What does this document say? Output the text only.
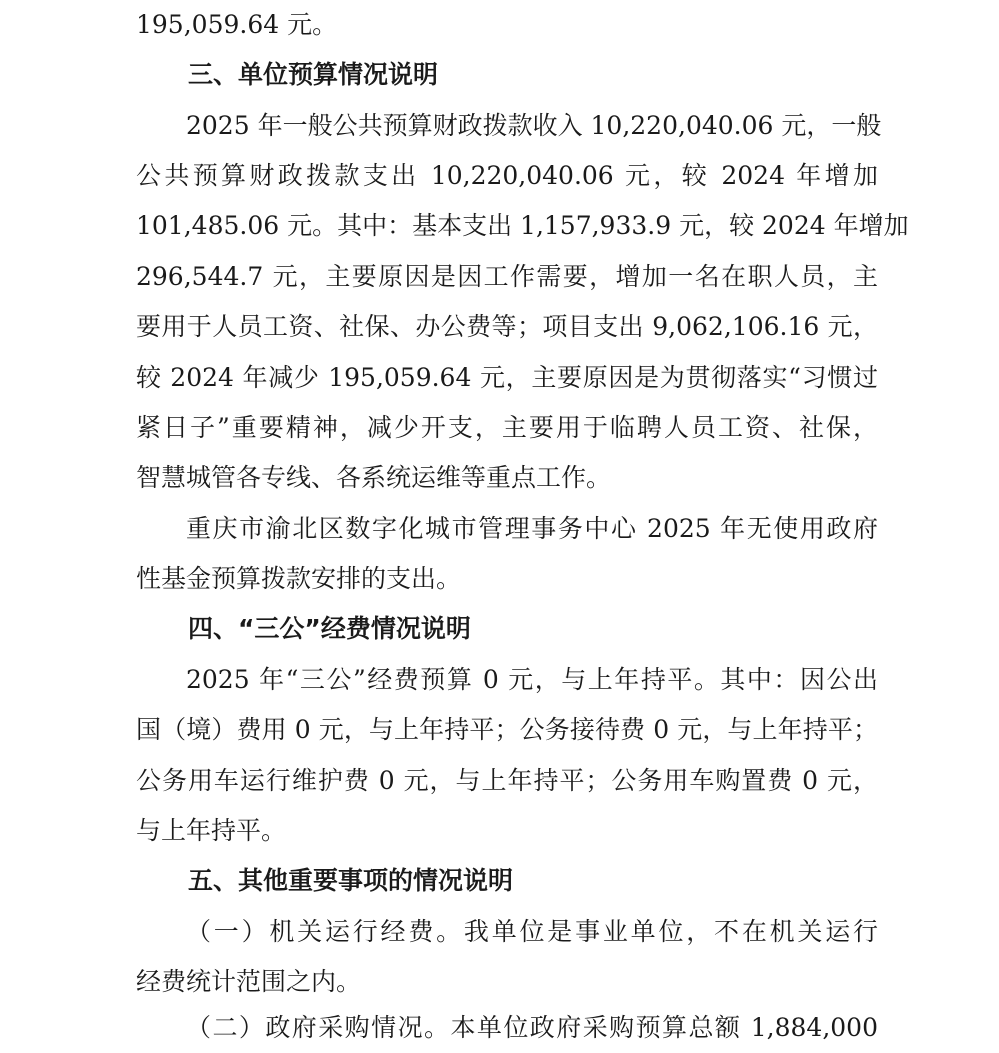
195,059.64 元。
三、单位预算情况说明
2025 年一般公共预算财政拨款收入 10,220,040.06 元，一般
公共预算财政拨款支出 10,220,040.06 元，较 2024 年增加
101,485.06 元。其中：基本支出 1,157,933.9 元，较 2024 年增加
296,544.7 元，主要原因是因工作需要，增加一名在职人员，主
要用于人员工资、社保、办公费等；项目支出 9,062,106.16 元，
较 2024 年减少 195,059.64 元，主要原因是为贯彻落实“习惯过
紧日子”重要精神，减少开支，主要用于临聘人员工资、社保，
智慧城管各专线、各系统运维等重点工作。
重庆市渝北区数字化城市管理事务中心 2025 年无使用政府
性基金预算拨款安排的支出。
四、“三公”经费情况说明
2025 年“三公”经费预算 0 元，与上年持平。其中：因公出
国（境）费用 0 元，与上年持平；公务接待费 0 元，与上年持平；
公务用车运行维护费 0 元，与上年持平；公务用车购置费 0 元，
与上年持平。
五、其他重要事项的情况说明
（一）机关运行经费。我单位是事业单位，不在机关运行
经费统计范围之内。
（二）政府采购情况。本单位政府采购预算总额 1,884,000
